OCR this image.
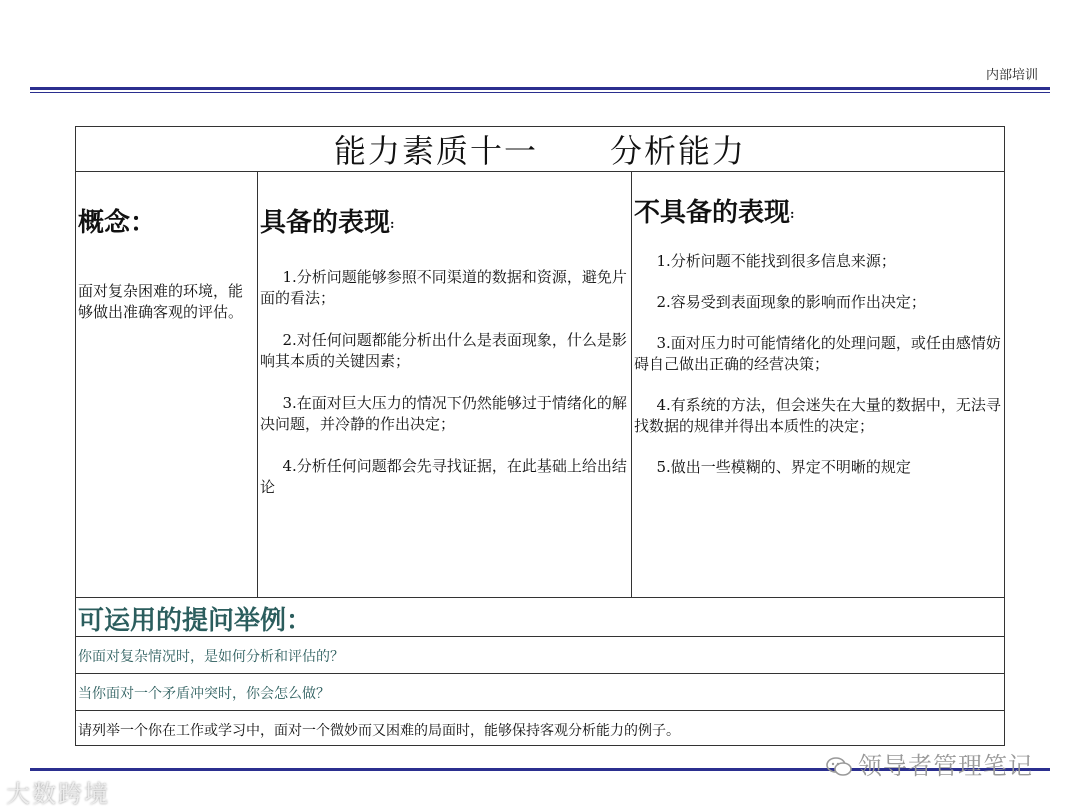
内部培训
能力素质十一 分析能力
概念：
面对复杂困难的环境，能够做出准确客观的评估。
具备的表现:
  1.分析问题能够参照不同渠道的数据和资源，避免片面的看法；
  2.对任何问题都能分析出什么是表面现象，什么是影响其本质的关键因素；
  3.在面对巨大压力的情况下仍然能够过于情绪化的解决问题，并冷静的作出决定；
  4.分析任何问题都会先寻找证据，在此基础上给出结论
不具备的表现:
  1.分析问题不能找到很多信息来源；
  2.容易受到表面现象的影响而作出决定；
  3.面对压力时可能情绪化的处理问题，或任由感情妨碍自己做出正确的经营决策；
  4.有系统的方法，但会迷失在大量的数据中，无法寻找数据的规律并得出本质性的决定；
  5.做出一些模糊的、界定不明晰的规定
可运用的提问举例：
你面对复杂情况时，是如何分析和评估的？
当你面对一个矛盾冲突时，你会怎么做？
请列举一个你在工作或学习中，面对一个微妙而又困难的局面时，能够保持客观分析能力的例子。
领导者管理笔记
大数跨境
